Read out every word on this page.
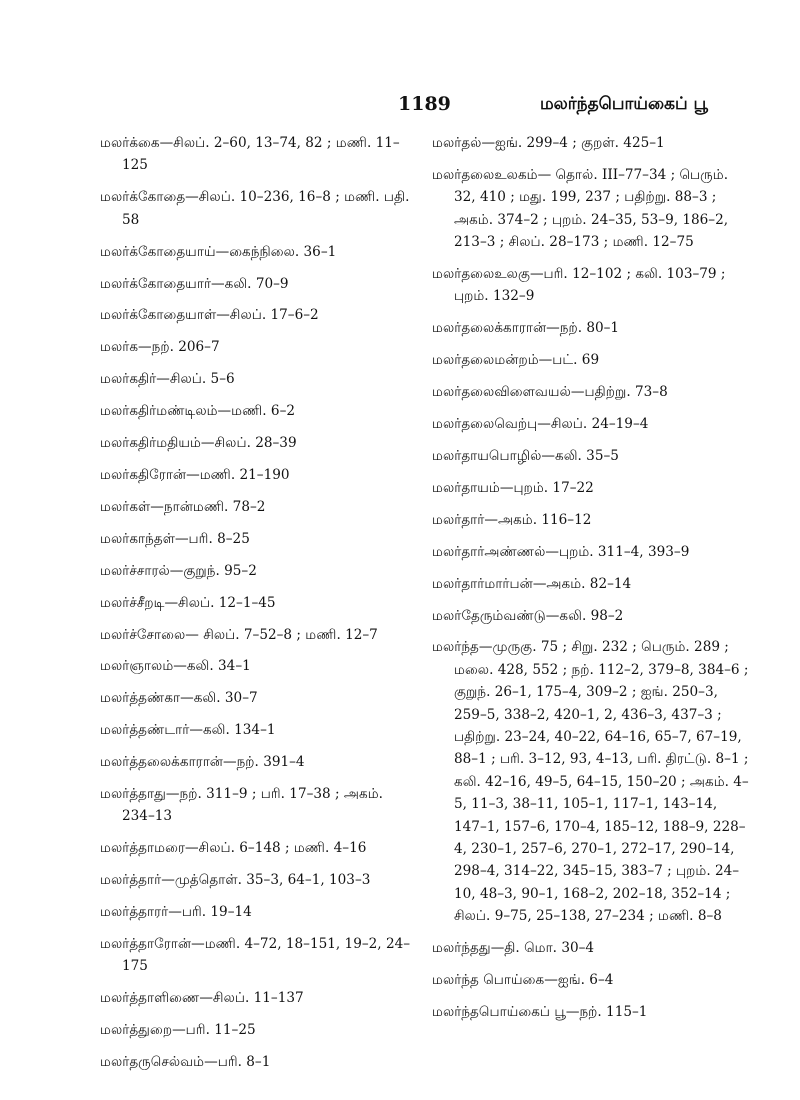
1189	மலர்ந்தபொய்கைப் பூ
மலர்க்கை—சிலப். 2–60, 13–74, 82 ; மணி. 11–125
மலர்க்கோதை—சிலப். 10–236, 16–8 ; மணி. பதி. 58
மலர்க்கோதையாய்—கைந்நிலை. 36–1
மலர்க்கோதையார்—கலி. 70–9
மலர்க்கோதையாள்—சிலப். 17–6–2
மலர்க—நற். 206–7
மலர்கதிர்—சிலப். 5–6
மலர்கதிர்மண்டிலம்—மணி. 6–2
மலர்கதிர்மதியம்—சிலப். 28–39
மலர்கதிரோன்—மணி. 21–190
மலர்கள்—நான்மணி. 78–2
மலர்காந்தள்—பரி. 8–25
மலர்ச்சாரல்—குறுந். 95–2
மலர்ச்சீறடி—சிலப். 12–1–45
மலர்ச்சோலை— சிலப். 7–52–8 ; மணி. 12–7
மலர்ஞாலம்—கலி. 34–1
மலர்த்தண்கா—கலி. 30–7
மலர்த்தண்டார்—கலி. 134–1
மலர்த்தலைக்காரான்—நற். 391–4
மலர்த்தாது—நற். 311–9 ; பரி. 17–38 ; அகம். 234–13
மலர்த்தாமரை—சிலப். 6–148 ; மணி. 4–16
மலர்த்தார்—முத்தொள். 35–3, 64–1, 103–3
மலர்த்தாரர்—பரி. 19–14
மலர்த்தாரோன்—மணி. 4–72, 18–151, 19–2, 24–175
மலர்த்தாளிணை—சிலப். 11–137
மலர்த்துறை—பரி. 11–25
மலர்தருசெல்வம்—பரி. 8–1
மலர்தல்—ஐங். 299–4 ; குறள். 425–1
மலர்தலைஉலகம்— தொல். III–77–34 ; பெரும். 32, 410 ; மது. 199, 237 ; பதிற்று. 88–3 ; அகம். 374–2 ; புறம். 24–35, 53–9, 186–2, 213–3 ; சிலப். 28–173 ; மணி. 12–75
மலர்தலைஉலகு—பரி. 12–102 ; கலி. 103–79 ; புறம். 132–9
மலர்தலைக்காரான்—நற். 80–1
மலர்தலைமன்றம்—பட். 69
மலர்தலைவிளைவயல்—பதிற்று. 73–8
மலர்தலைவெற்பு—சிலப். 24–19–4
மலர்தாயபொழில்—கலி. 35–5
மலர்தாயம்—புறம். 17–22
மலர்தார்—அகம். 116–12
மலர்தார்அண்ணல்—புறம். 311–4, 393–9
மலர்தார்மார்பன்—அகம். 82–14
மலர்தேரும்வண்டு—கலி. 98–2
மலர்ந்த—முருகு. 75 ; சிறு. 232 ; பெரும். 289 ; மலை. 428, 552 ; நற். 112–2, 379–8, 384–6 ; குறுந். 26–1, 175–4, 309–2 ; ஐங். 250–3, 259–5, 338–2, 420–1, 2, 436–3, 437–3 ; பதிற்று. 23–24, 40–22, 64–16, 65–7, 67–19, 88–1 ; பரி. 3–12, 93, 4–13, பரி. திரட்டு. 8–1 ; கலி. 42–16, 49–5, 64–15, 150–20 ; அகம். 4–5, 11–3, 38–11, 105–1, 117–1, 143–14, 147–1, 157–6, 170–4, 185–12, 188–9, 228–4, 230–1, 257–6, 270–1, 272–17, 290–14, 298–4, 314–22, 345–15, 383–7 ; புறம். 24–10, 48–3, 90–1, 168–2, 202–18, 352–14 ; சிலப். 9–75, 25–138, 27–234 ; மணி. 8–8
மலர்ந்தது—தி. மொ. 30–4
மலர்ந்த பொய்கை—ஐங். 6–4
மலர்ந்தபொய்கைப் பூ—நற். 115–1
